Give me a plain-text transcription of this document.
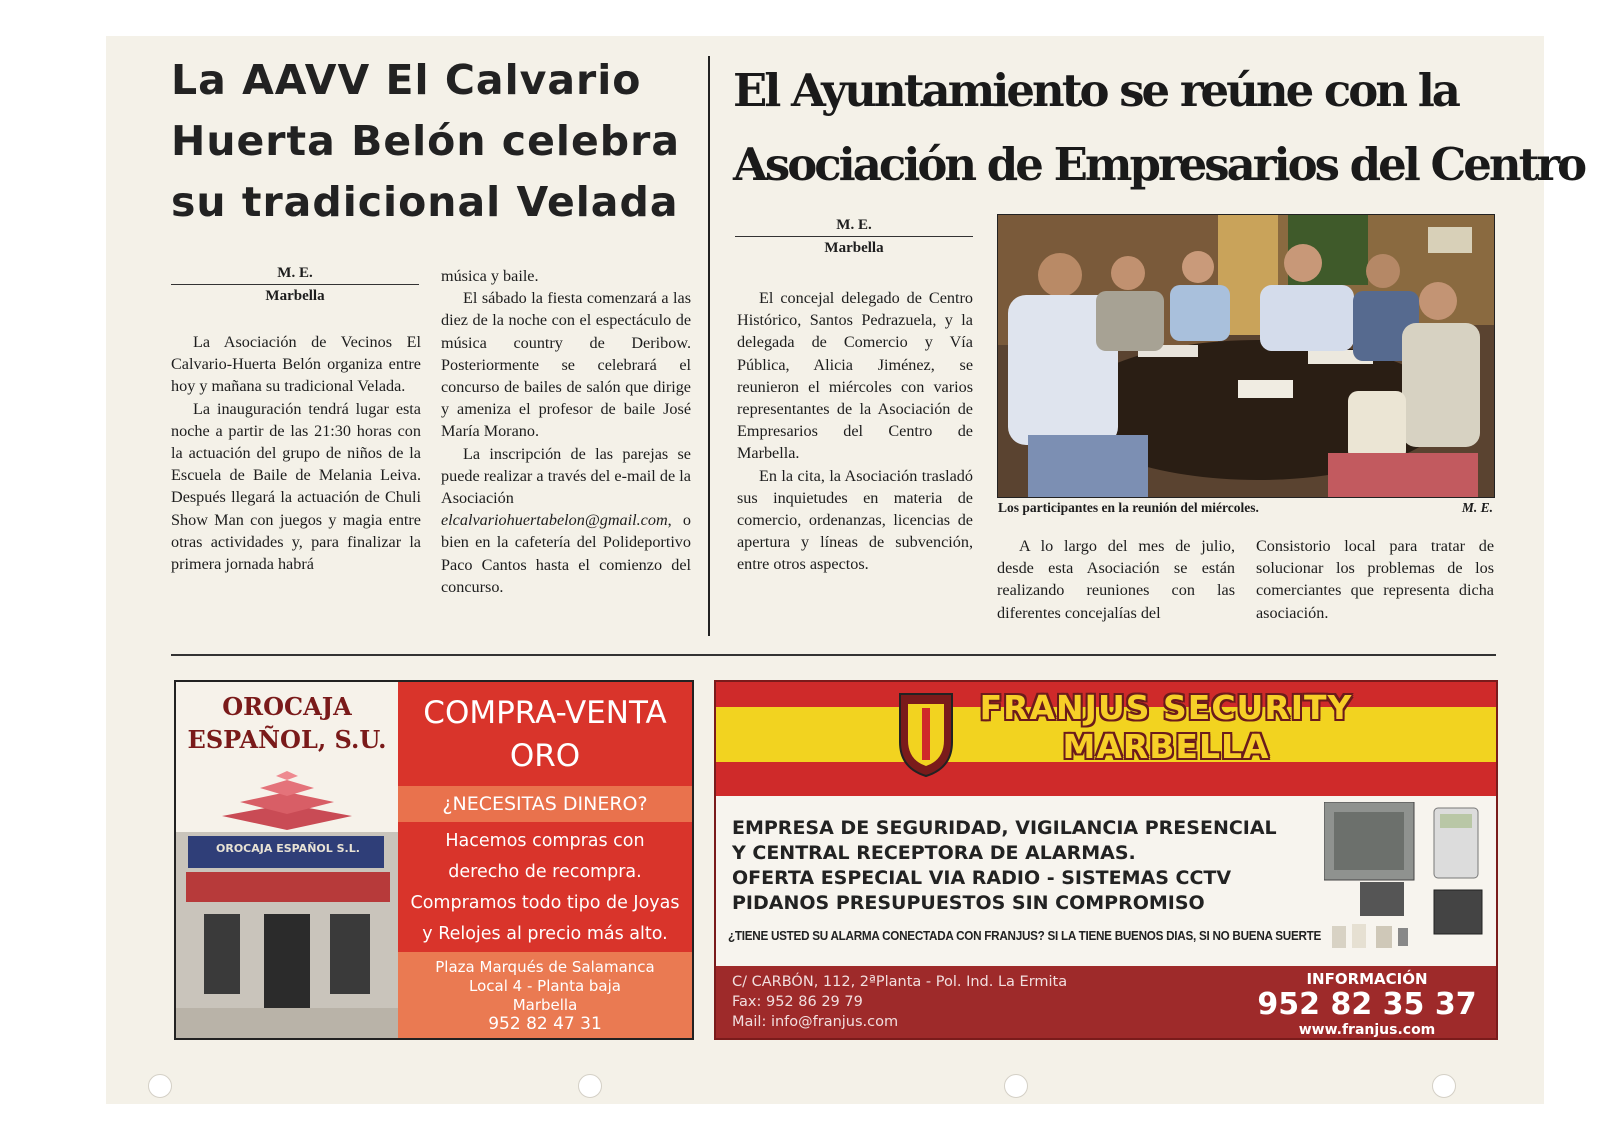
La AAVV El Calvario
Huerta Belón celebra
su tradicional Velada
M. E.
Marbella

La Asociación de Vecinos El Calvario-Huerta Belón organiza entre hoy y mañana su tradicional Velada.

La inauguración tendrá lugar esta noche a partir de las 21:30 horas con la actuación del grupo de niños de la Escuela de Baile de Melania Leiva. Después llegará la actuación de Chuli Show Man con juegos y magia entre otras actividades y, para finalizar la primera jornada habrá

música y baile.

El sábado la fiesta comenzará a las diez de la noche con el espectáculo de música country de Deribow. Posteriormente se celebrará el concurso de bailes de salón que dirige y ameniza el profesor de baile José María Morano.

La inscripción de las parejas se puede realizar a través del e-mail de la Asociación elcalvariohuertabelon@gmail.com, o bien en la cafetería del Polideportivo Paco Cantos hasta el comienzo del concurso.

El Ayuntamiento se reúne con la
Asociación de Empresarios del Centro
M. E.
Marbella

El concejal delegado de Centro Histórico, Santos Pedrazuela, y la delegada de Comercio y Vía Pública, Alicia Jiménez, se reunieron el miércoles con varios representantes de la Asociación de Empresarios del Centro de Marbella.

En la cita, la Asociación trasladó sus inquietudes en materia de comercio, ordenanzas, licencias de apertura y líneas de subvención, entre otros aspectos.

Los participantes en la reunión del miércoles.	M. E.

A lo largo del mes de julio, desde esta Asociación se están realizando reuniones con las diferentes concejalías del

Consistorio local para tratar de solucionar los problemas de los comerciantes que representa dicha asociación.

OROCAJA
ESPAÑOL, S.U.
OROCAJA ESPAÑOL S.L.
COMPRA-VENTA
ORO
¿NECESITAS DINERO?
Hacemos compras con
derecho de recompra.
Compramos todo tipo de Joyas
y Relojes al precio más alto.
Plaza Marqués de Salamanca
Local 4 - Planta baja
Marbella
952 82 47 31
FRANJUS SECURITY
MARBELLA
EMPRESA DE SEGURIDAD, VIGILANCIA PRESENCIAL
Y CENTRAL RECEPTORA DE ALARMAS.
OFERTA ESPECIAL VIA RADIO - SISTEMAS CCTV
PIDANOS PRESUPUESTOS SIN COMPROMISO
¿TIENE USTED SU ALARMA CONECTADA CON FRANJUS? SI LA TIENE BUENOS DIAS, SI NO BUENA SUERTE
C/ CARBÓN, 112, 2ªPlanta - Pol. Ind. La Ermita
Fax: 952 86 29 79
Mail: info@franjus.com
INFORMACIÓN
952 82 35 37
www.franjus.com
